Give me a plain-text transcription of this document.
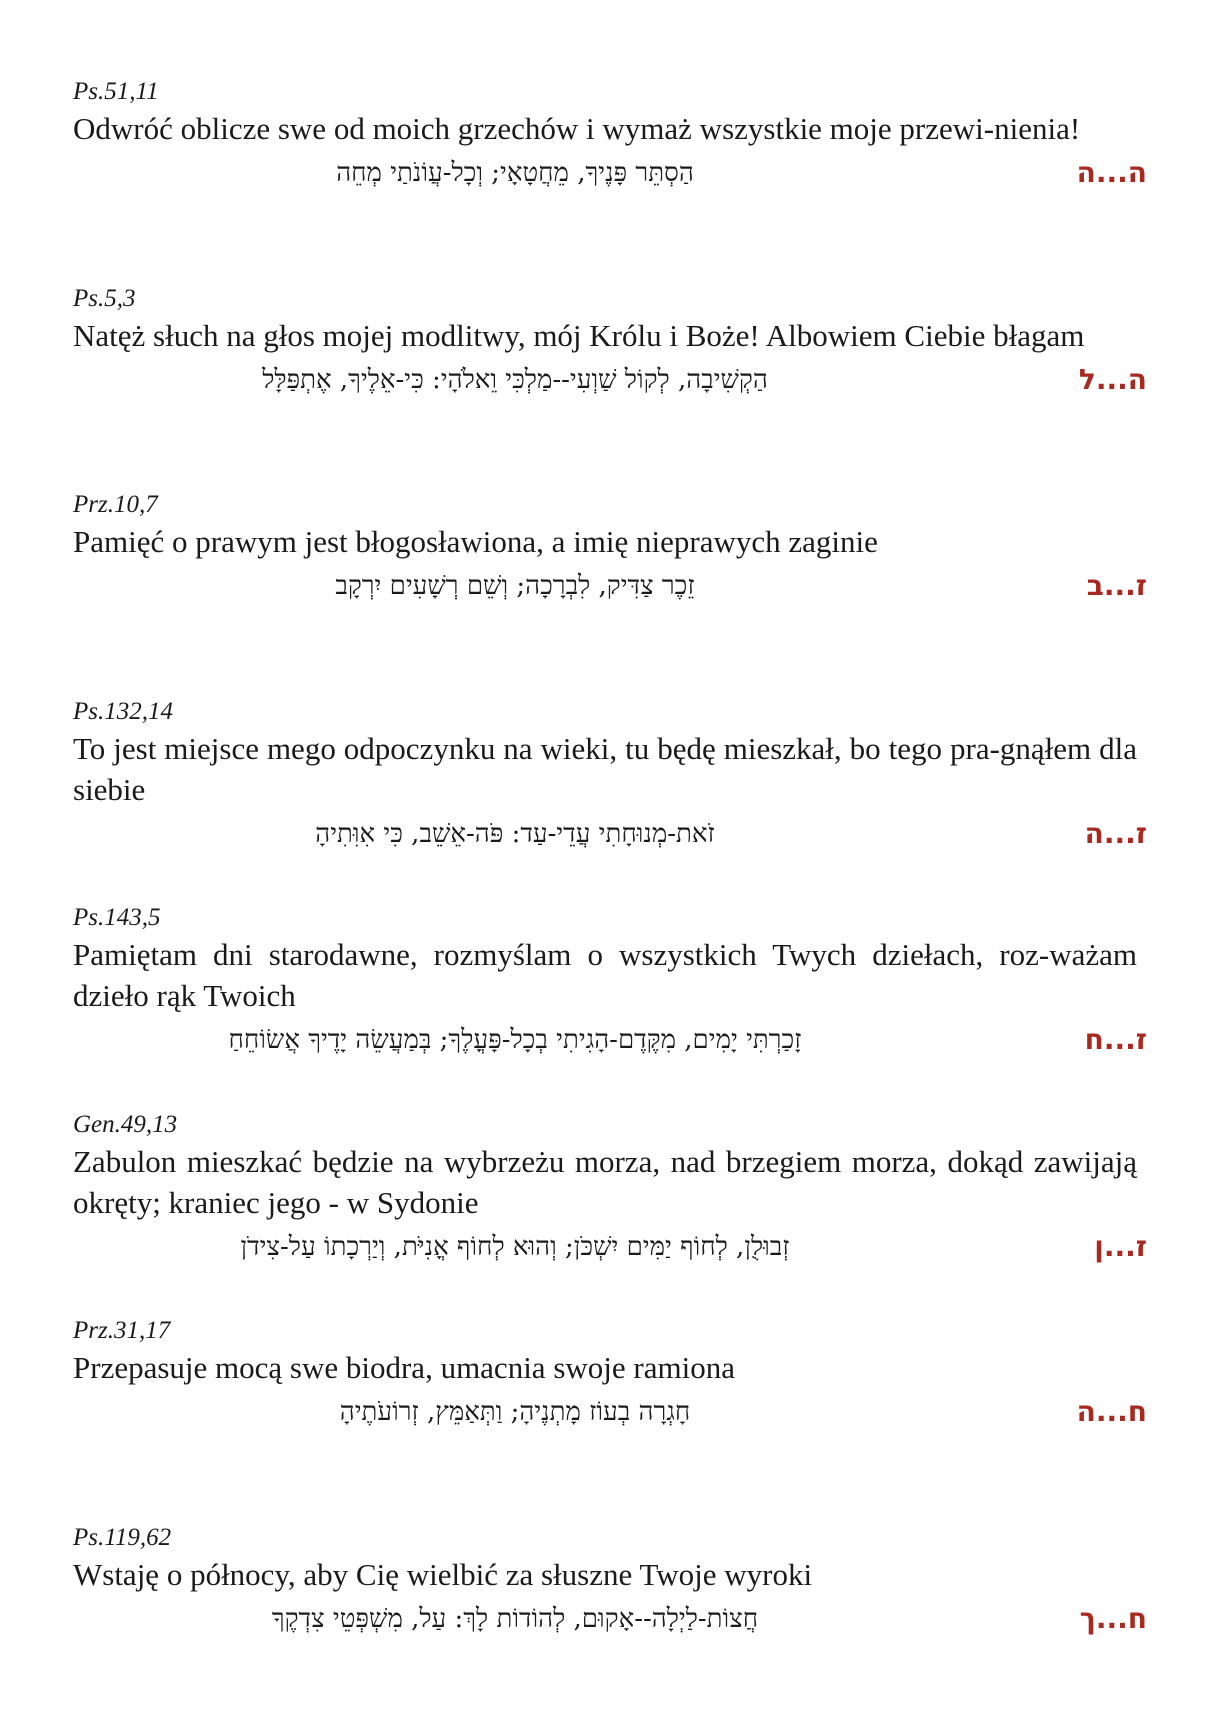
Ps.51,11

Odwróć oblicze swe od moich grzechów i wymaż wszystkie moje przewi-nienia!

הַסְתֵּר פָּנֶיךָ, מֵחֲטָאָי; וְכָל-עֲוֹנֹתַי מְחֵה	ה...ה
Ps.5,3

Natęż słuch na głos mojej modlitwy, mój Królu i Boże! Albowiem Ciebie błagam

הַקְשִׁיבָה, לְקוֹל שַׁוְעִי--מַלְכִּי וֵאלֹהָי: כִּי-אֵלֶיךָ, אֶתְפַּלָּל	ה...ל
Prz.10,7

Pamięć o prawym jest błogosławiona, a imię nieprawych zaginie

זֵכֶר צַדִּיק, לִבְרָכָה; וְשֵׁם רְשָׁעִים יִרְקָב	ז...ב
Ps.132,14

To jest miejsce mego odpoczynku na wieki, tu będę mieszkał, bo tego pra-gnąłem dla siebie

זֹאת-מְנוּחָתִי עֲדֵי-עַד: פֹּה-אֵשֵׁב, כִּי אִוִּתִיהָ	ז...ה
Ps.143,5

Pamiętam dni starodawne, rozmyślam o wszystkich Twych dziełach, roz-ważam dzieło rąk Twoich

זָכַרְתִּי יָמִים, מִקֶּדֶם-הָגִיתִי בְכָל-פָּעֳלֶךָ; בְּמַעֲשֵׂה יָדֶיךָ אֲשׂוֹחֵחַ	ז...ח
Gen.49,13

Zabulon mieszkać będzie na wybrzeżu morza, nad brzegiem morza, dokąd zawijają okręty; kraniec jego - w Sydonie

זְבוּלֻן, לְחוֹף יַמִּים יִשְׁכֹּן; וְהוּא לְחוֹף אֳנִיֹּת, וְיַרְכָתוֹ עַל-צִידֹן	ז...ן
Prz.31,17

Przepasuje mocą swe biodra, umacnia swoje ramiona

חָגְרָה בְעוֹז מָתְנֶיהָ; וַתְּאַמֵּץ, זְרוֹעֹתֶיהָ	ח...ה
Ps.119,62

Wstaję o północy, aby Cię wielbić za słuszne Twoje wyroki

חֲצוֹת-לַיְלָה--אָקוּם, לְהוֹדוֹת לָךְ: עַל, מִשְׁפְּטֵי צִדְקֶךָ	ח...ך
